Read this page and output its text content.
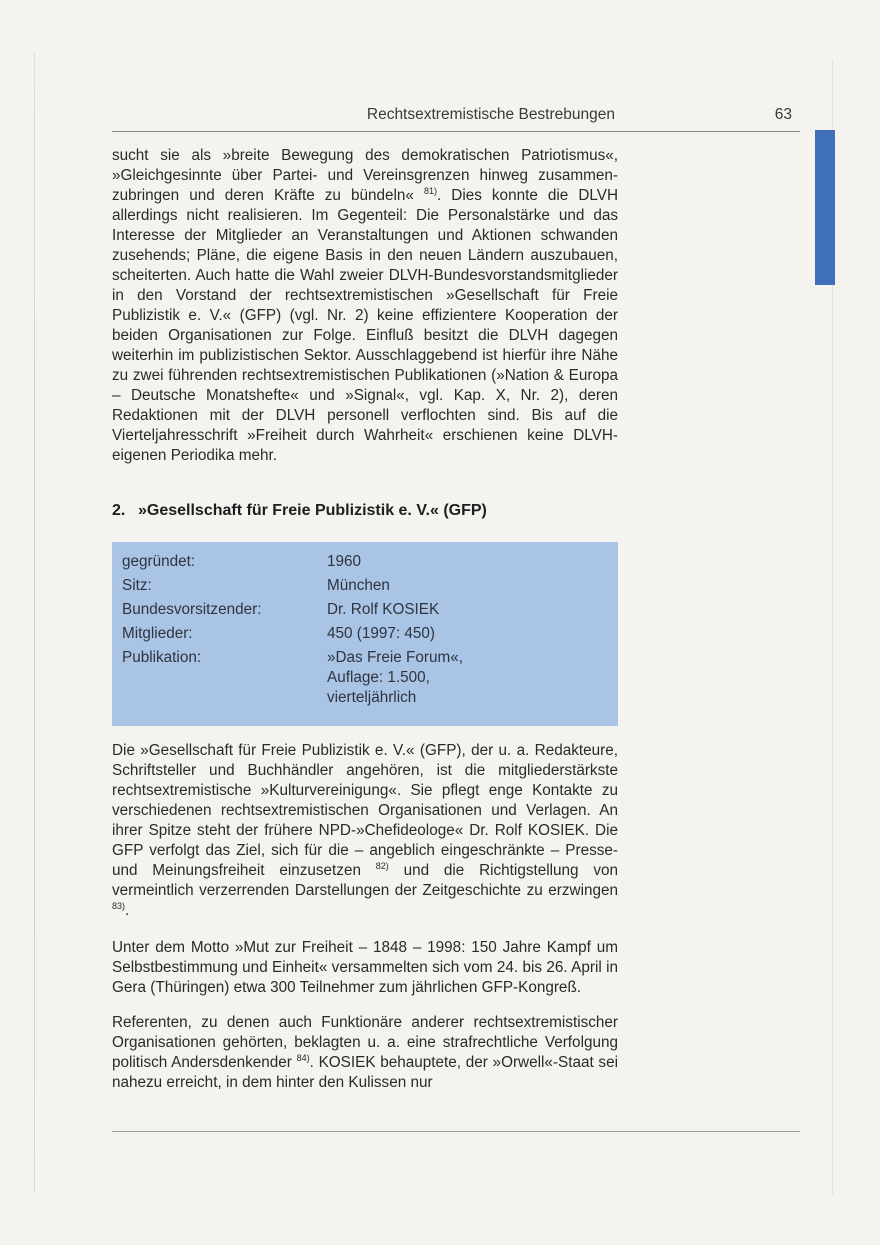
Rechtsextremistische Bestrebungen	63
sucht sie als »breite Bewegung des demokratischen Patriotismus«, »Gleichgesinnte über Partei- und Vereinsgrenzen hinweg zusammenzubringen und deren Kräfte zu bündeln« $^{81)}$. Dies konnte die DLVH allerdings nicht realisieren. Im Gegenteil: Die Personalstärke und das Interesse der Mitglieder an Veranstaltungen und Aktionen schwanden zusehends; Pläne, die eigene Basis in den neuen Ländern auszubauen, scheiterten. Auch hatte die Wahl zweier DLVH-Bundesvorstandsmitglieder in den Vorstand der rechtsextremistischen »Gesellschaft für Freie Publizistik e. V.« (GFP) (vgl. Nr. 2) keine effizientere Kooperation der beiden Organisationen zur Folge. Einfluß besitzt die DLVH dagegen weiterhin im publizistischen Sektor. Ausschlaggebend ist hierfür ihre Nähe zu zwei führenden rechtsextremistischen Publikationen (»Nation & Europa – Deutsche Monatshefte« und »Signal«, vgl. Kap. X, Nr. 2), deren Redaktionen mit der DLVH personell verflochten sind. Bis auf die Vierteljahresschrift »Freiheit durch Wahrheit« erschienen keine DLVH-eigenen Periodika mehr.
2. »Gesellschaft für Freie Publizistik e. V.« (GFP)
gegründet:	1960
Sitz:	München
Bundesvorsitzender:	Dr. Rolf KOSIEK
Mitglieder:	450 (1997: 450)
Publikation:	»Das Freie Forum«,
Auflage: 1.500,
vierteljährlich
Die »Gesellschaft für Freie Publizistik e. V.« (GFP), der u. a. Redakteure, Schriftsteller und Buchhändler angehören, ist die mitgliederstärkste rechtsextremistische »Kulturvereinigung«. Sie pflegt enge Kontakte zu verschiedenen rechtsextremistischen Organisationen und Verlagen. An ihrer Spitze steht der frühere NPD-»Chefideologe« Dr. Rolf KOSIEK. Die GFP verfolgt das Ziel, sich für die – angeblich eingeschränkte – Presse- und Meinungsfreiheit einzusetzen $^{82)}$ und die Richtigstellung von vermeintlich verzerrenden Darstellungen der Zeitgeschichte zu erzwingen $^{83)}$.
Unter dem Motto »Mut zur Freiheit – 1848 – 1998: 150 Jahre Kampf um Selbstbestimmung und Einheit« versammelten sich vom 24. bis 26. April in Gera (Thüringen) etwa 300 Teilnehmer zum jährlichen GFP-Kongreß.
Referenten, zu denen auch Funktionäre anderer rechtsextremistischer Organisationen gehörten, beklagten u. a. eine strafrechtliche Verfolgung politisch Andersdenkender $^{84)}$. KOSIEK behauptete, der »Orwell«-Staat sei nahezu erreicht, in dem hinter den Kulissen nur
